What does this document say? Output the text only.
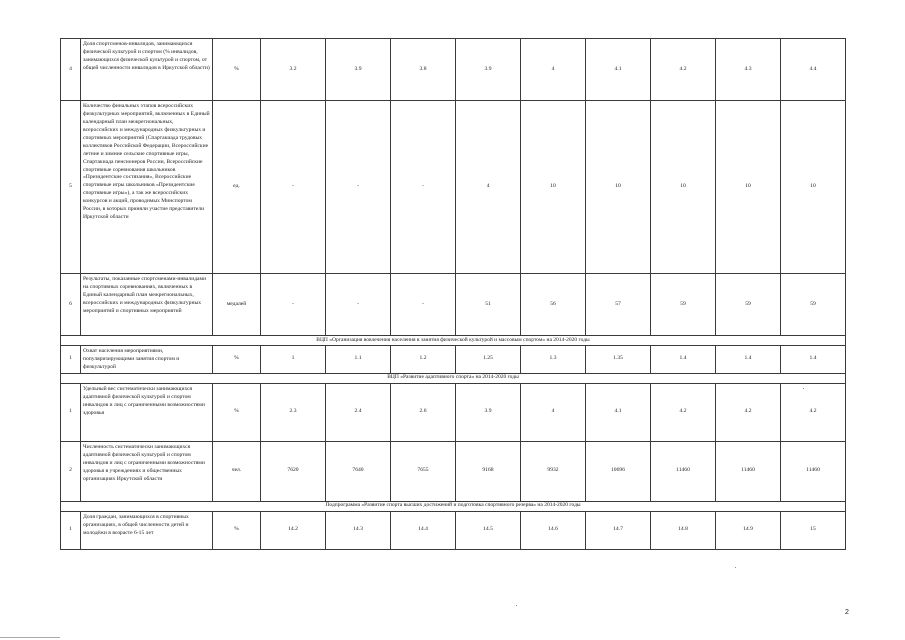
4	Доля спортсменов-инвалидов, занимающихся физической культурой и спортом (% инвалидов, занимающихся физической культурой и спортом, от общей численности инвалидов в Иркутской области)	%	3.2	3.9	3.8	3.9	4	4.1	4.2	4.3	4.4
5	Количество финальных этапов всероссийских физкультурных мероприятий, включенных в Единый календарный план межрегиональных, всероссийских и международных физкультурных и спортивных мероприятий (Спартакиада трудовых коллективов Российской Федерации, Всероссийские летние и зимние сельские спортивные игры, Спартакиада пенсионеров России, Всероссийские спортивные соревнования школьников «Президентские состязания», Всероссийские спортивные игры школьников «Президентские спортивные игры»), а так же всероссийских конкурсов и акций, проводимых Минспортом России, в которых приняли участие представители Иркутской области	ед.	-	-	-	4	10	10	10	10	10
6	Результаты, показанные спортсменами-инвалидами на спортивных соревнованиях, включенных в Единый календарный план межрегиональных, всероссийских и международных физкультурных мероприятий и спортивных мероприятий	медалей	-	-	-	51	56	57	59	59	59
ВЦП «Организация вовлечения населения в занятия физической культурой и массовым спортом» на 2014-2020 годы											
1	Охват населения мероприятиями, популяризирующими занятия спортом и физкультурой	%	1	1.1	1.2	1.25	1.3	1.35	1.4	1.4	1.4
ВЦП «Развитие адаптивного спорта» на 2014-2020 годы											
1	Удельный вес систематически занимающихся адаптивной физической культурой и спортом инвалидов и лиц с ограниченными возможностями здоровья	%	2.3	2.4	2.6	3.9	4	4.1	4.2	4.2	4.2
2	Численность систематически занимающихся адаптивной физической культурой и спортом инвалидов и лиц с ограниченными возможностями здоровья в учреждениях и общественных организациях Иркутской области	чел.	7620	7640	7655	9168	9932	10696	11460	11460	11460
Подпрограмма «Развитие спорта высших достижений и подготовка спортивного резерва» на 2014-2020 годы											
1	Доля граждан, занимающихся в спортивных организациях, в общей численности детей и молодёжи в возрасте 6-15 лет	%	14.2	14.3	14.4	14.5	14.6	14.7	14.8	14.9	15
2
